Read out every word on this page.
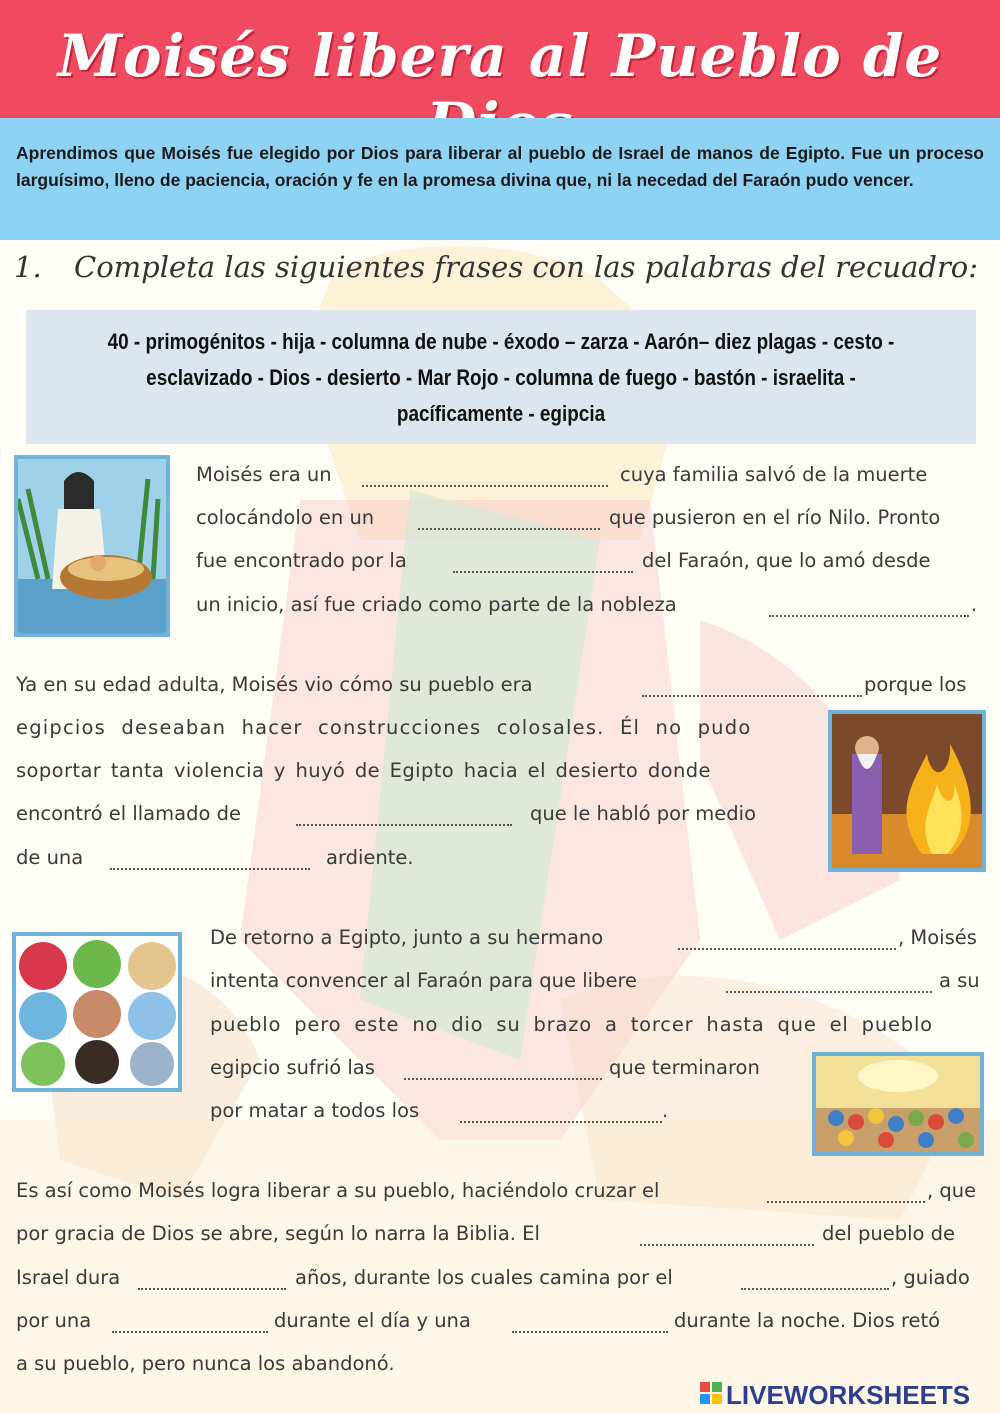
Moisés libera al Pueblo de
Aprendimos que Moisés fue elegido por Dios para liberar al pueblo de Israel de manos de Egipto. Fue un proceso larguísimo, lleno de paciencia, oración y fe en la promesa divina que, ni la necedad del Faraón pudo vencer.
1. Completa las siguientes frases con las palabras del recuadro:
40 - primogénitos - hija - columna de nube - éxodo – zarza - Aarón– diez plagas - cesto -
esclavizado - Dios - desierto - Mar Rojo - columna de fuego - bastón - israelita -
pacíficamente - egipcia
Moisés era un	cuya familia salvó de la muerte
colocándolo en un	que pusieron en el río Nilo. Pronto
fue encontrado por la	del Faraón, que lo amó desde
un inicio, así fue criado como parte de la nobleza	.
Ya en su edad adulta, Moisés vio cómo su pueblo era	porque los
egipcios deseaban hacer construcciones colosales. Él no pudo
soportar tanta violencia y huyó de Egipto hacia el desierto donde
encontró el llamado de	que le habló por medio
de una	ardiente.
De retorno a Egipto, junto a su hermano	, Moisés
intenta convencer al Faraón para que libere	a su
pueblo pero este no dio su brazo a torcer hasta que el pueblo
egipcio sufrió las	que terminaron
por matar a todos los	.
Es así como Moisés logra liberar a su pueblo, haciéndolo cruzar el	, que
por gracia de Dios se abre, según lo narra la Biblia. El	del pueblo de
Israel dura	años, durante los cuales camina por el	, guiado
por una	durante el día y una	durante la noche. Dios retó
a su pueblo, pero nunca los abandonó.
LIVEWORKSHEETS
